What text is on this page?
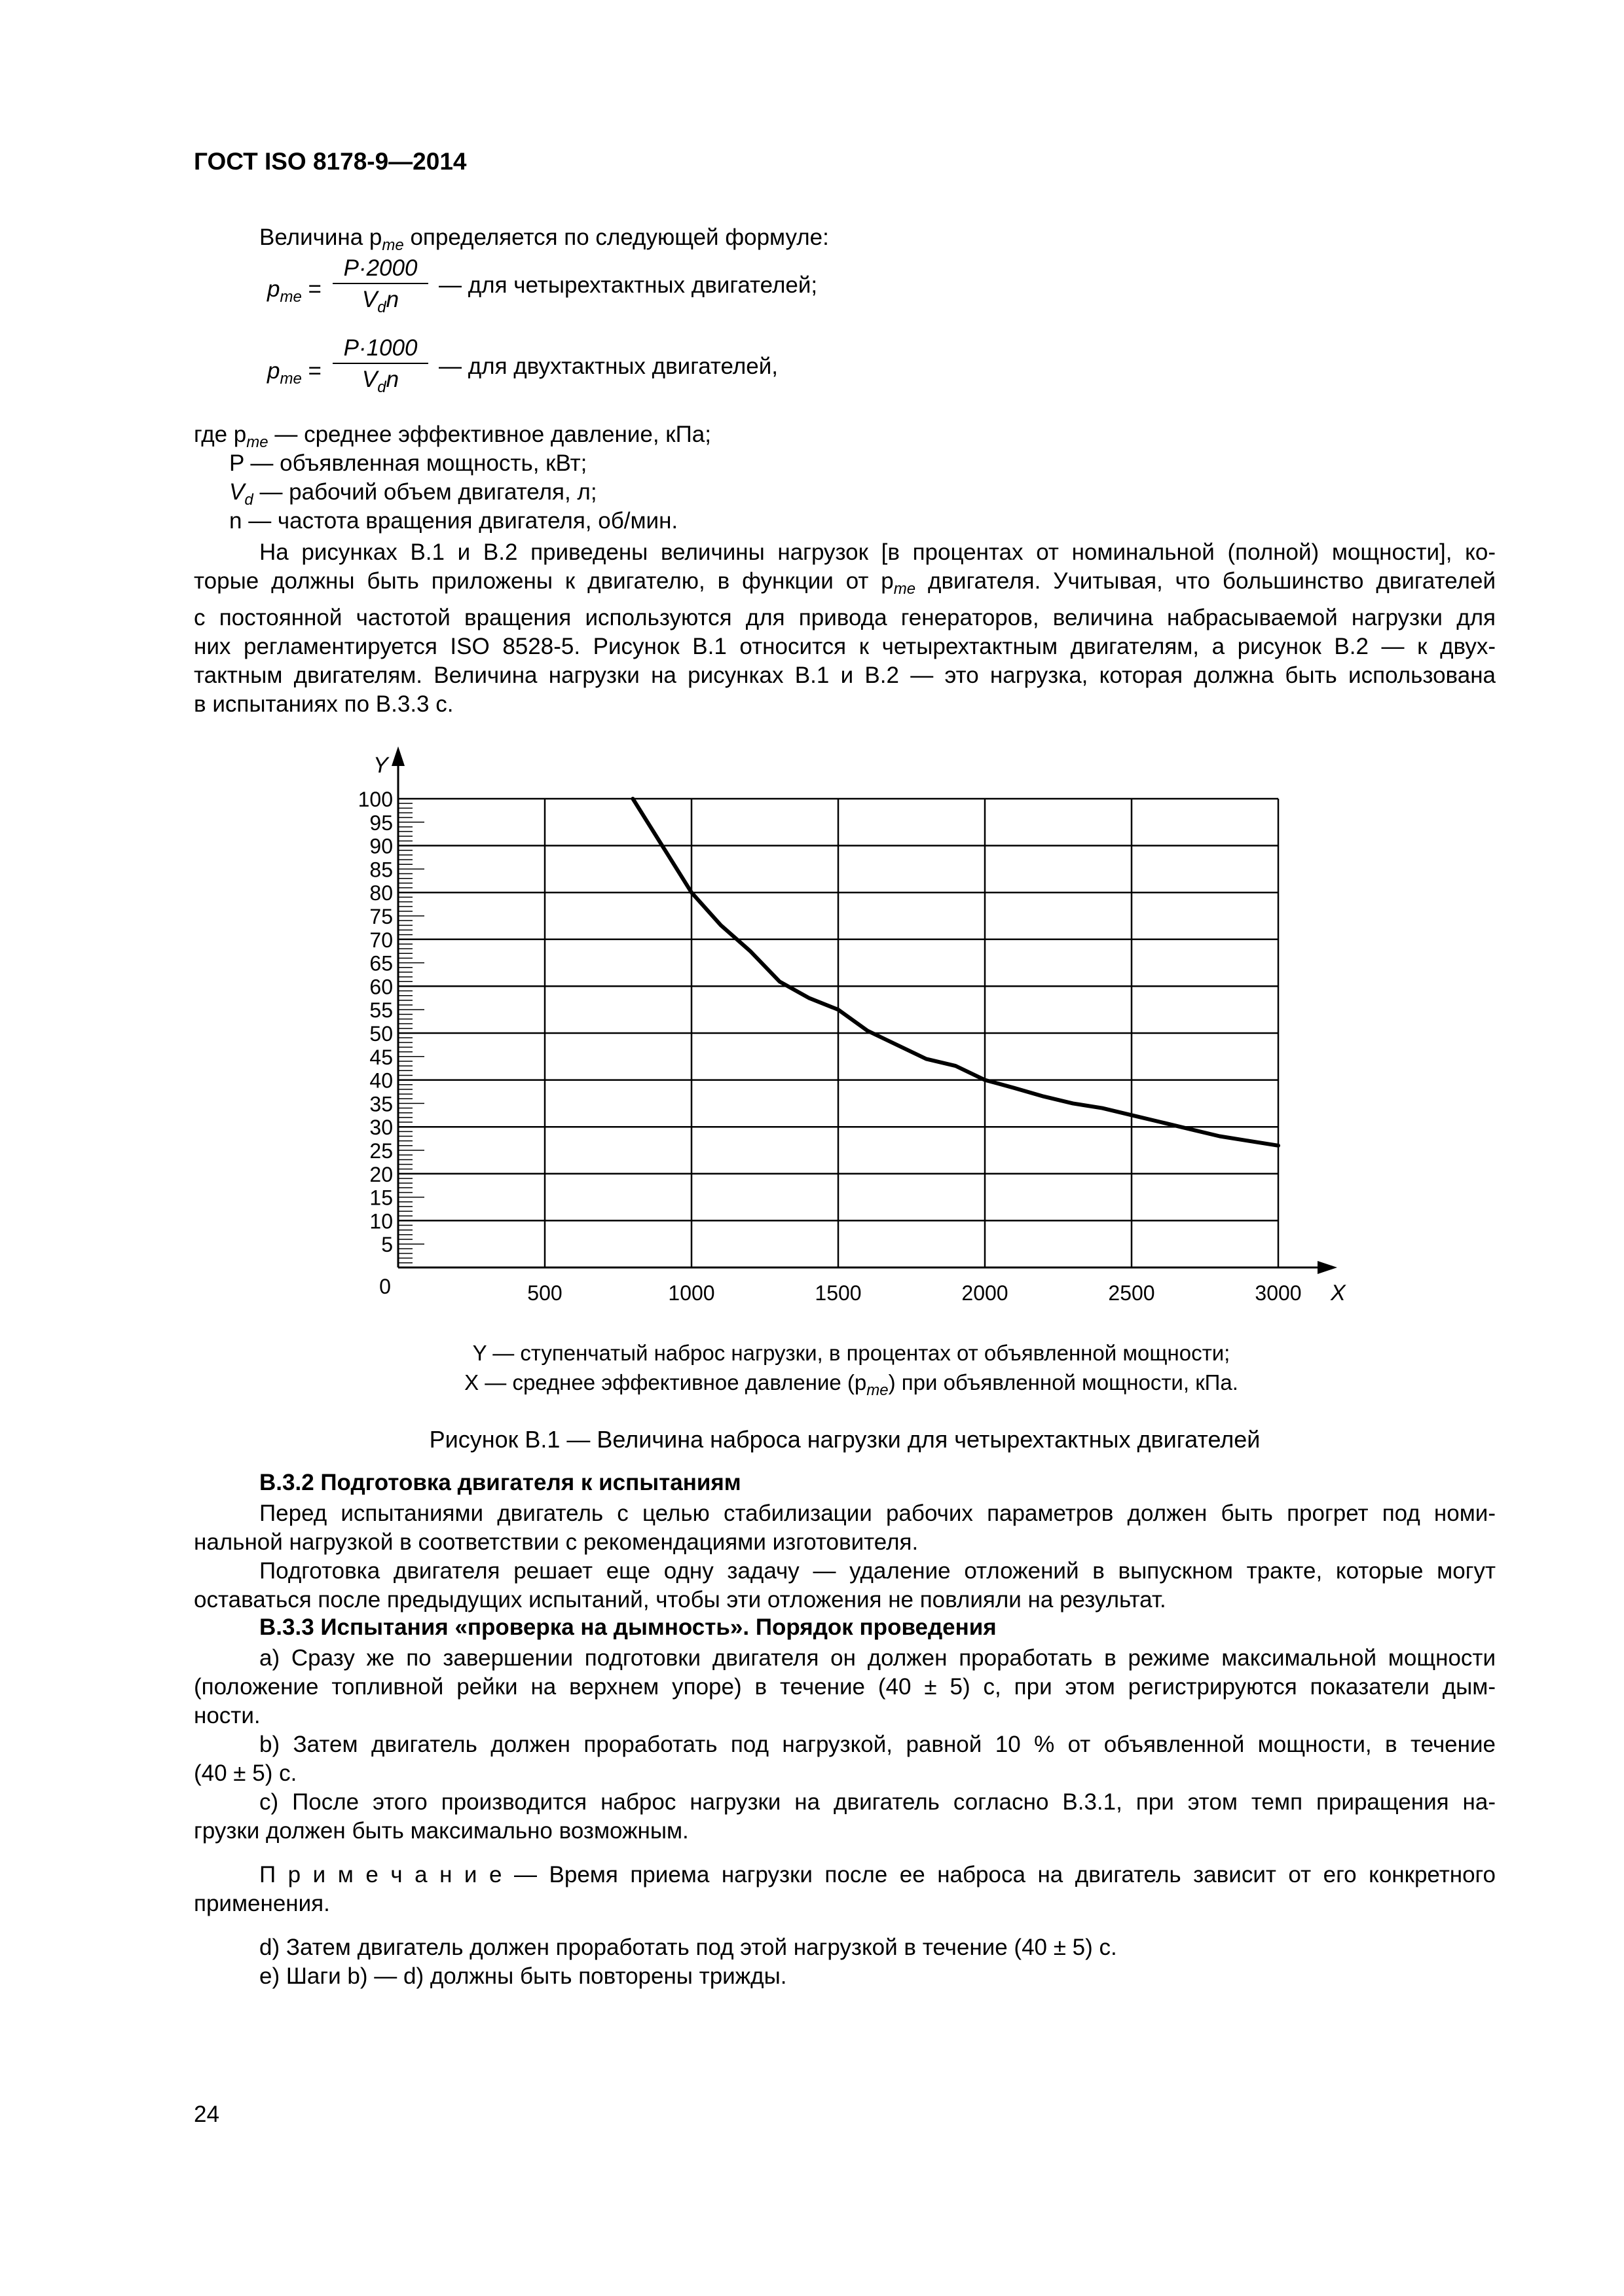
ГОСТ ISO 8178-9—2014
Величина $p_{me}$ определяется по следующей формуле:
$p_{me}$ =
P·2000
$V_dn$
— для четырехтактных двигателей;
$p_{me}$ =
P·1000
$V_dn$
— для двухтактных двигателей,
где $p_{me}$ — среднее эффективное давление, кПа;
P — объявленная мощность, кВт;
$V_d$ — рабочий объем двигателя, л;
n — частота вращения двигателя, об/мин.
На рисунках В.1 и В.2 приведены величины нагрузок [в процентах от номинальной (полной) мощности], ко-
торые должны быть приложены к двигателю, в функции от $p_{me}$ двигателя. Учитывая, что большинство двигателей
с постоянной частотой вращения используются для привода генераторов, величина набрасываемой нагрузки для
них регламентируется ISO 8528-5. Рисунок В.1 относится к четырехтактным двигателям, а рисунок В.2 — к двух-
тактным двигателям. Величина нагрузки на рисунках В.1 и В.2 — это нагрузка, которая должна быть использована
в испытаниях по В.3.3 с.
100
95
90
85
80
75
70
65
60
55
50
45
40
35
30
25
20
15
10
5
0	500	1000	1500	2000	2500	3000 X
Y
Y — ступенчатый наброс нагрузки, в процентах от объявленной мощности;
X — среднее эффективное давление $(p_{me})$ при объявленной мощности, кПа.
Рисунок В.1 — Величина наброса нагрузки для четырехтактных двигателей
В.3.2 Подготовка двигателя к испытаниям
Перед испытаниями двигатель с целью стабилизации рабочих параметров должен быть прогрет под номи-
нальной нагрузкой в соответствии с рекомендациями изготовителя.
Подготовка двигателя решает еще одну задачу — удаление отложений в выпускном тракте, которые могут
оставаться после предыдущих испытаний, чтобы эти отложения не повлияли на результат.
В.3.3 Испытания «проверка на дымность». Порядок проведения
a) Сразу же по завершении подготовки двигателя он должен проработать в режиме максимальной мощности
(положение топливной рейки на верхнем упоре) в течение (40 ± 5) с, при этом регистрируются показатели дым-
ности.
b) Затем двигатель должен проработать под нагрузкой, равной 10 % от объявленной мощности, в течение
(40 ± 5) с.
c) После этого производится наброс нагрузки на двигатель согласно В.3.1, при этом темп приращения на-
грузки должен быть максимально возможным.
П р и м е ч а н и е — Время приема нагрузки после ее наброса на двигатель зависит от его конкретного
применения.
d) Затем двигатель должен проработать под этой нагрузкой в течение (40 ± 5) с.
e) Шаги b) — d) должны быть повторены трижды.
24
